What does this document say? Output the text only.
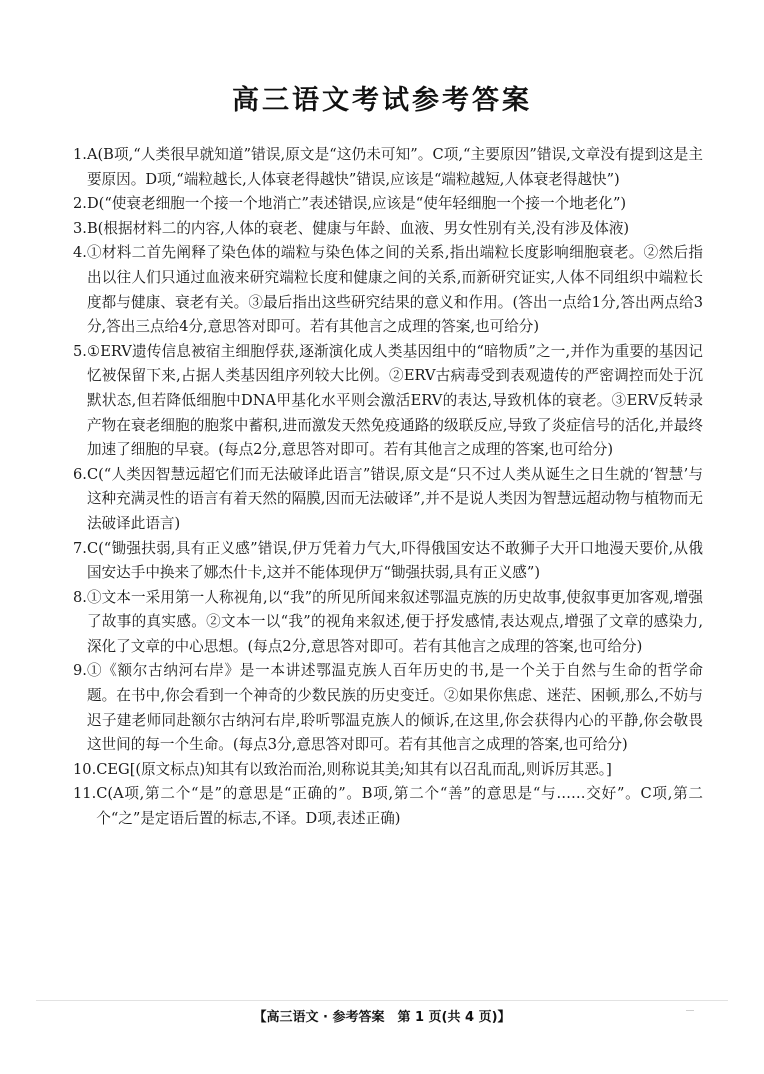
高三语文考试参考答案
1. A(B项,“人类很早就知道”错误,原文是“这仍未可知”。C项,“主要原因”错误,文章没有提到这是主要原因。D项,“端粒越长,人体衰老得越快”错误,应该是“端粒越短,人体衰老得越快”)
2. D(“使衰老细胞一个接一个地消亡”表述错误,应该是“使年轻细胞一个接一个地老化”)
3. B(根据材料二的内容,人体的衰老、健康与年龄、血液、男女性别有关,没有涉及体液)
4. ①材料二首先阐释了染色体的端粒与染色体之间的关系,指出端粒长度影响细胞衰老。②然后指出以往人们只通过血液来研究端粒长度和健康之间的关系,而新研究证实,人体不同组织中端粒长度都与健康、衰老有关。③最后指出这些研究结果的意义和作用。(答出一点给1分,答出两点给3分,答出三点给4分,意思答对即可。若有其他言之成理的答案,也可给分)
5. ①ERV遗传信息被宿主细胞俘获,逐渐演化成人类基因组中的“暗物质”之一,并作为重要的基因记忆被保留下来,占据人类基因组序列较大比例。②ERV古病毒受到表观遗传的严密调控而处于沉默状态,但若降低细胞中DNA甲基化水平则会激活ERV的表达,导致机体的衰老。③ERV反转录产物在衰老细胞的胞浆中蓄积,进而激发天然免疫通路的级联反应,导致了炎症信号的活化,并最终加速了细胞的早衰。(每点2分,意思答对即可。若有其他言之成理的答案,也可给分)
6. C(“人类因智慧远超它们而无法破译此语言”错误,原文是“只不过人类从诞生之日生就的‘智慧’与这种充满灵性的语言有着天然的隔膜,因而无法破译”,并不是说人类因为智慧远超动物与植物而无法破译此语言)
7. C(“锄强扶弱,具有正义感”错误,伊万凭着力气大,吓得俄国安达不敢狮子大开口地漫天要价,从俄国安达手中换来了娜杰什卡,这并不能体现伊万“锄强扶弱,具有正义感”)
8. ①文本一采用第一人称视角,以“我”的所见所闻来叙述鄂温克族的历史故事,使叙事更加客观,增强了故事的真实感。②文本一以“我”的视角来叙述,便于抒发感情,表达观点,增强了文章的感染力,深化了文章的中心思想。(每点2分,意思答对即可。若有其他言之成理的答案,也可给分)
9. ①《额尔古纳河右岸》是一本讲述鄂温克族人百年历史的书,是一个关于自然与生命的哲学命题。在书中,你会看到一个神奇的少数民族的历史变迁。②如果你焦虑、迷茫、困顿,那么,不妨与迟子建老师同赴额尔古纳河右岸,聆听鄂温克族人的倾诉,在这里,你会获得内心的平静,你会敬畏这世间的每一个生命。(每点3分,意思答对即可。若有其他言之成理的答案,也可给分)
10. CEG[(原文标点)知其有以致治而治,则称说其美;知其有以召乱而乱,则诉厉其恶。]
11. C(A项,第二个“是”的意思是“正确的”。B项,第二个“善”的意思是“与……交好”。C项,第二个“之”是定语后置的标志,不译。D项,表述正确)
【高三语文 · 参考答案　第 1 页(共 4 页)】
